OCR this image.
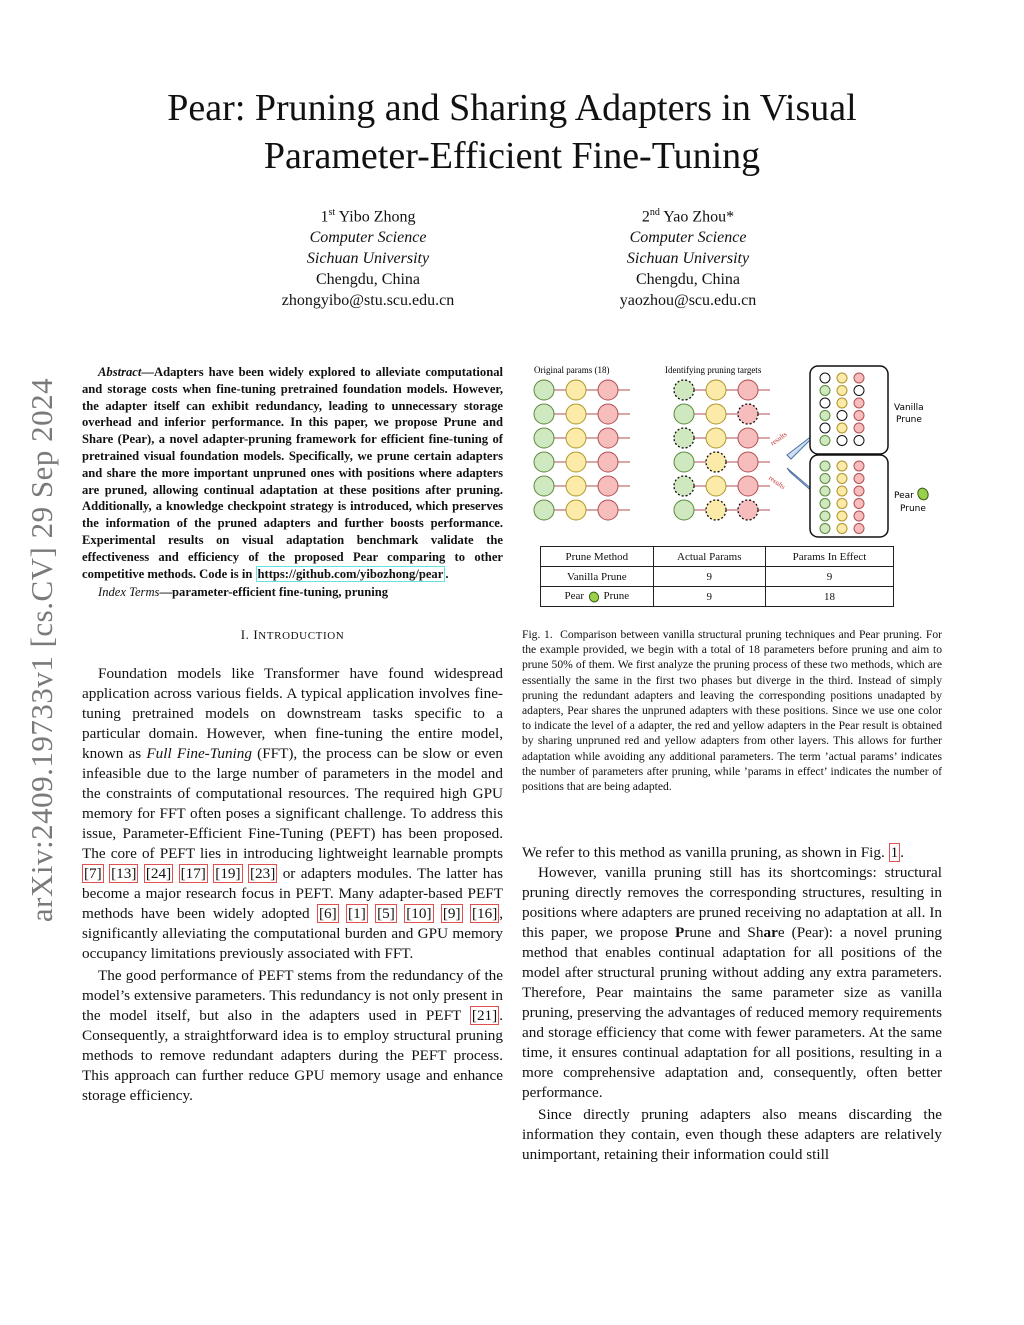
arXiv:2409.19733v1 [cs.CV] 29 Sep 2024
Pear: Pruning and Sharing Adapters in Visual
Parameter-Efficient Fine-Tuning
1st Yibo Zhong
Computer Science
Sichuan University
Chengdu, China
zhongyibo@stu.scu.edu.cn
2nd Yao Zhou*
Computer Science
Sichuan University
Chengdu, China
yaozhou@scu.edu.cn
Abstract—Adapters have been widely explored to alleviate computational and storage costs when fine-tuning pretrained foundation models. However, the adapter itself can exhibit redundancy, leading to unnecessary storage overhead and inferior performance. In this paper, we propose Prune and Share (Pear), a novel adapter-pruning framework for efficient fine-tuning of pretrained visual foundation models. Specifically, we prune certain adapters and share the more important unpruned ones with positions where adapters are pruned, allowing continual adaptation at these positions after pruning. Additionally, a knowledge checkpoint strategy is introduced, which preserves the information of the pruned adapters and further boosts performance. Experimental results on visual adaptation benchmark validate the effectiveness and efficiency of the proposed Pear comparing to other competitive methods. Code is in https://github.com/yibozhong/pear .
Index Terms—parameter-efficient fine-tuning, pruning
I. INTRODUCTION

Foundation models like Transformer have found widespread application across various fields. A typical application involves fine-tuning pretrained models on downstream tasks specific to a particular domain. However, when fine-tuning the entire model, known as Full Fine-Tuning (FFT), the process can be slow or even infeasible due to the large number of parameters in the model and the constraints of computational resources. The required high GPU memory for FFT often poses a significant challenge. To address this issue, Parameter-Efficient Fine-Tuning (PEFT) has been proposed. The core of PEFT lies in introducing lightweight learnable prompts [7] [13] [24] [17] [19] [23] or adapters modules. The latter has become a major research focus in PEFT. Many adapter-based PEFT methods have been widely adopted [6] [1] [5] [10] [9] [16] , significantly alleviating the computational burden and GPU memory occupancy limitations previously associated with FFT.

The good performance of PEFT stems from the redundancy of the model’s extensive parameters. This redundancy is not only present in the model itself, but also in the adapters used in PEFT [21] . Consequently, a straightforward idea is to employ structural pruning methods to remove redundant adapters during the PEFT process. This approach can further reduce GPU memory usage and enhance storage efficiency.

Original params (18)	Identifying pruning targets
results
results
Vanilla
Prune
Pear
Prune
Prune Method	Actual Params	Params In Effect
Vanilla Prune	9	9
Pear Prune	9	18
Fig. 1. Comparison between vanilla structural pruning techniques and Pear pruning. For the example provided, we begin with a total of 18 parameters before pruning and aim to prune 50% of them. We first analyze the pruning process of these two methods, which are essentially the same in the first two phases but diverge in the third. Instead of simply pruning the redundant adapters and leaving the corresponding positions unadapted by adapters, Pear shares the unpruned adapters with these positions. Since we use one color to indicate the level of a adapter, the red and yellow adapters in the Pear result is obtained by sharing unpruned red and yellow adapters from other layers. This allows for further adaptation while avoiding any additional parameters. The term ’actual params’ indicates the number of parameters after pruning, while ’params in effect’ indicates the number of positions that are being adapted.

We refer to this method as vanilla pruning, as shown in Fig. 1 .

However, vanilla pruning still has its shortcomings: structural pruning directly removes the corresponding structures, resulting in positions where adapters are pruned receiving no adaptation at all. In this paper, we propose Prune and Share (Pear): a novel pruning method that enables continual adaptation for all positions of the model after structural pruning without adding any extra parameters. Therefore, Pear maintains the same parameter size as vanilla pruning, preserving the advantages of reduced memory requirements and storage efficiency that come with fewer parameters. At the same time, it ensures continual adaptation for all positions, resulting in a more comprehensive adaptation and, consequently, often better performance.

Since directly pruning adapters also means discarding the information they contain, even though these adapters are relatively unimportant, retaining their information could still
